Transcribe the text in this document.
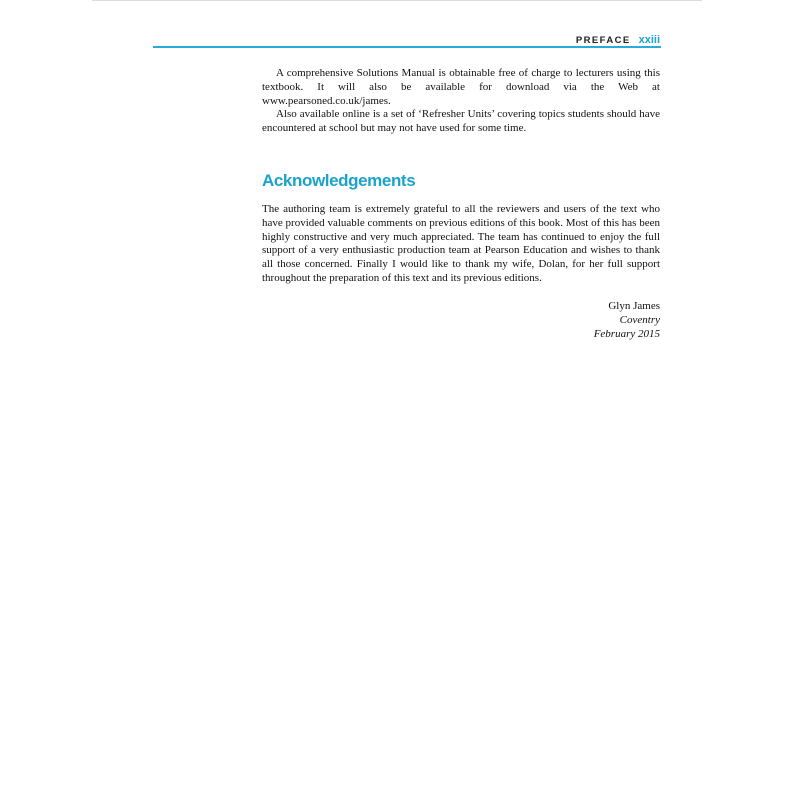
PREFACE xxiii

A comprehensive Solutions Manual is obtainable free of charge to lecturers using this textbook. It will also be available for download via the Web at www.pearsoned.co.uk/james.

Also available online is a set of ‘Refresher Units’ covering topics students should have encountered at school but may not have used for some time.

Acknowledgements

The authoring team is extremely grateful to all the reviewers and users of the text who have provided valuable comments on previous editions of this book. Most of this has been highly constructive and very much appreciated. The team has continued to enjoy the full support of a very enthusiastic production team at Pearson Education and wishes to thank all those concerned. Finally I would like to thank my wife, Dolan, for her full support throughout the preparation of this text and its previous editions.

Glyn James
Coventry
February 2015
